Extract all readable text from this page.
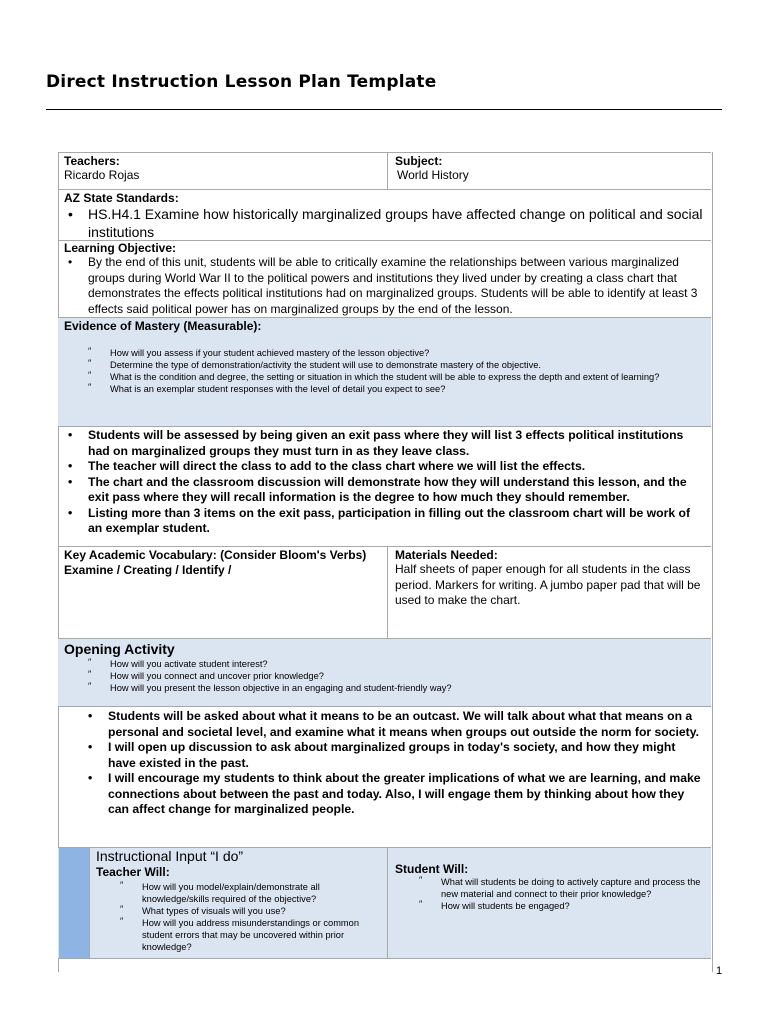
Direct Instruction Lesson Plan Template
Teachers:
Ricardo Rojas
Subject:
World History
AZ State Standards:
• HS.H4.1 Examine how historically marginalized groups have affected change on political and social institutions
Learning Objective:
• By the end of this unit, students will be able to critically examine the relationships between various marginalized groups during World War II to the political powers and institutions they lived under by creating a class chart that demonstrates the effects political institutions had on marginalized groups. Students will be able to identify at least 3 effects said political power has on marginalized groups by the end of the lesson.
Evidence of Mastery (Measurable):
″ How will you assess if your student achieved mastery of the lesson objective?
″ Determine the type of demonstration/activity the student will use to demonstrate mastery of the objective.
″ What is the condition and degree, the setting or situation in which the student will be able to express the depth and extent of learning?
″ What is an exemplar student responses with the level of detail you expect to see?
• Students will be assessed by being given an exit pass where they will list 3 effects political institutions had on marginalized groups they must turn in as they leave class.
• The teacher will direct the class to add to the class chart where we will list the effects.
• The chart and the classroom discussion will demonstrate how they will understand this lesson, and the exit pass where they will recall information is the degree to how much they should remember.
• Listing more than 3 items on the exit pass, participation in filling out the classroom chart will be work of an exemplar student.
Key Academic Vocabulary: (Consider Bloom's Verbs)
Examine / Creating / Identify /
Materials Needed:
Half sheets of paper enough for all students in the class period. Markers for writing. A jumbo paper pad that will be used to make the chart.
Opening Activity
″ How will you activate student interest?
″ How will you connect and uncover prior knowledge?
″ How will you present the lesson objective in an engaging and student-friendly way?
• Students will be asked about what it means to be an outcast. We will talk about what that means on a personal and societal level, and examine what it means when groups out outside the norm for society.
• I will open up discussion to ask about marginalized groups in today's society, and how they might have existed in the past.
• I will encourage my students to think about the greater implications of what we are learning, and make connections about between the past and today. Also, I will engage them by thinking about how they can affect change for marginalized people.
Instructional Input “I do”
Teacher Will:
″ How will you model/explain/demonstrate all knowledge/skills required of the objective?
″ What types of visuals will you use?
″ How will you address misunderstandings or common student errors that may be uncovered within prior knowledge?
Student Will:
″ What will students be doing to actively capture and process the new material and connect to their prior knowledge?
″ How will students be engaged?
1
